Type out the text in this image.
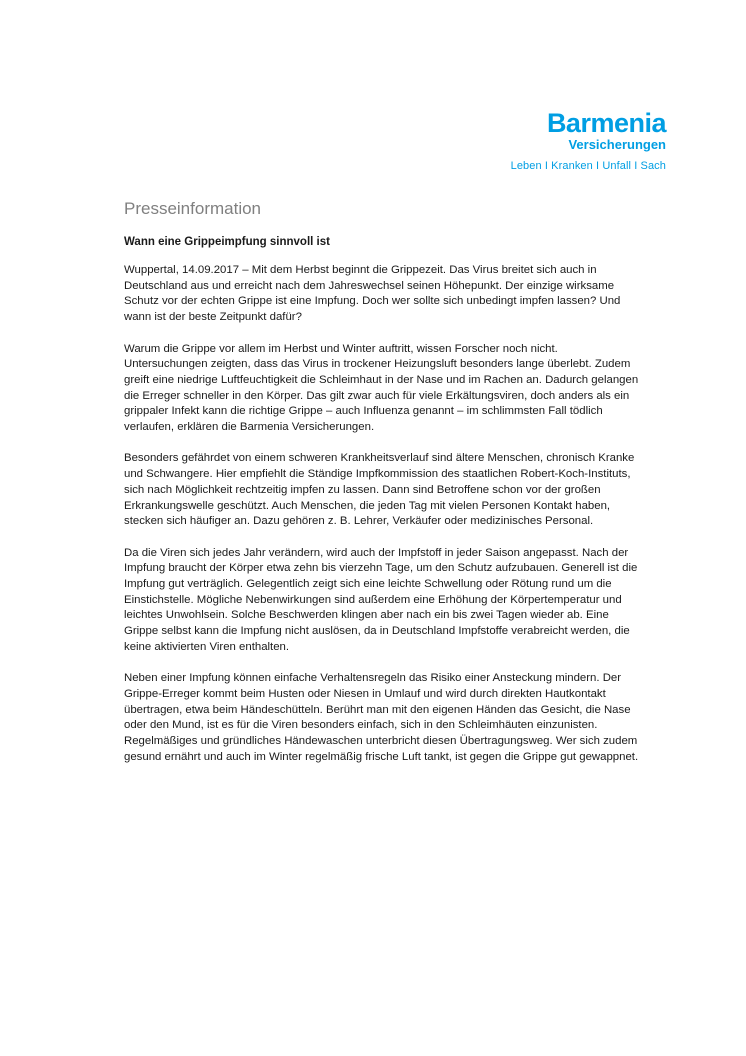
Barmenia
Versicherungen
Leben I Kranken I Unfall I Sach
Presseinformation
Wann eine Grippeimpfung sinnvoll ist

Wuppertal, 14.09.2017 – Mit dem Herbst beginnt die Grippezeit. Das Virus breitet sich auch in Deutschland aus und erreicht nach dem Jahreswechsel seinen Höhepunkt. Der einzige wirksame Schutz vor der echten Grippe ist eine Impfung. Doch wer sollte sich unbedingt impfen lassen? Und wann ist der beste Zeitpunkt dafür?

Warum die Grippe vor allem im Herbst und Winter auftritt, wissen Forscher noch nicht. Untersuchungen zeigten, dass das Virus in trockener Heizungsluft besonders lange überlebt. Zudem greift eine niedrige Luftfeuchtigkeit die Schleimhaut in der Nase und im Rachen an. Dadurch gelangen die Erreger schneller in den Körper. Das gilt zwar auch für viele Erkältungsviren, doch anders als ein grippaler Infekt kann die richtige Grippe – auch Influenza genannt – im schlimmsten Fall tödlich verlaufen, erklären die Barmenia Versicherungen.

Besonders gefährdet von einem schweren Krankheitsverlauf sind ältere Menschen, chronisch Kranke und Schwangere. Hier empfiehlt die Ständige Impfkommission des staatlichen Robert-Koch-Instituts, sich nach Möglichkeit rechtzeitig impfen zu lassen. Dann sind Betroffene schon vor der großen Erkrankungswelle geschützt. Auch Menschen, die jeden Tag mit vielen Personen Kontakt haben, stecken sich häufiger an. Dazu gehören z. B. Lehrer, Verkäufer oder medizinisches Personal.

Da die Viren sich jedes Jahr verändern, wird auch der Impfstoff in jeder Saison angepasst. Nach der Impfung braucht der Körper etwa zehn bis vierzehn Tage, um den Schutz aufzubauen. Generell ist die Impfung gut verträglich. Gelegentlich zeigt sich eine leichte Schwellung oder Rötung rund um die Einstichstelle. Mögliche Nebenwirkungen sind außerdem eine Erhöhung der Körpertemperatur und leichtes Unwohlsein. Solche Beschwerden klingen aber nach ein bis zwei Tagen wieder ab. Eine Grippe selbst kann die Impfung nicht auslösen, da in Deutschland Impfstoffe verabreicht werden, die keine aktivierten Viren enthalten.

Neben einer Impfung können einfache Verhaltensregeln das Risiko einer Ansteckung mindern. Der Grippe-Erreger kommt beim Husten oder Niesen in Umlauf und wird durch direkten Hautkontakt übertragen, etwa beim Händeschütteln. Berührt man mit den eigenen Händen das Gesicht, die Nase oder den Mund, ist es für die Viren besonders einfach, sich in den Schleimhäuten einzunisten. Regelmäßiges und gründliches Händewaschen unterbricht diesen Übertragungsweg. Wer sich zudem gesund ernährt und auch im Winter regelmäßig frische Luft tankt, ist gegen die Grippe gut gewappnet.
